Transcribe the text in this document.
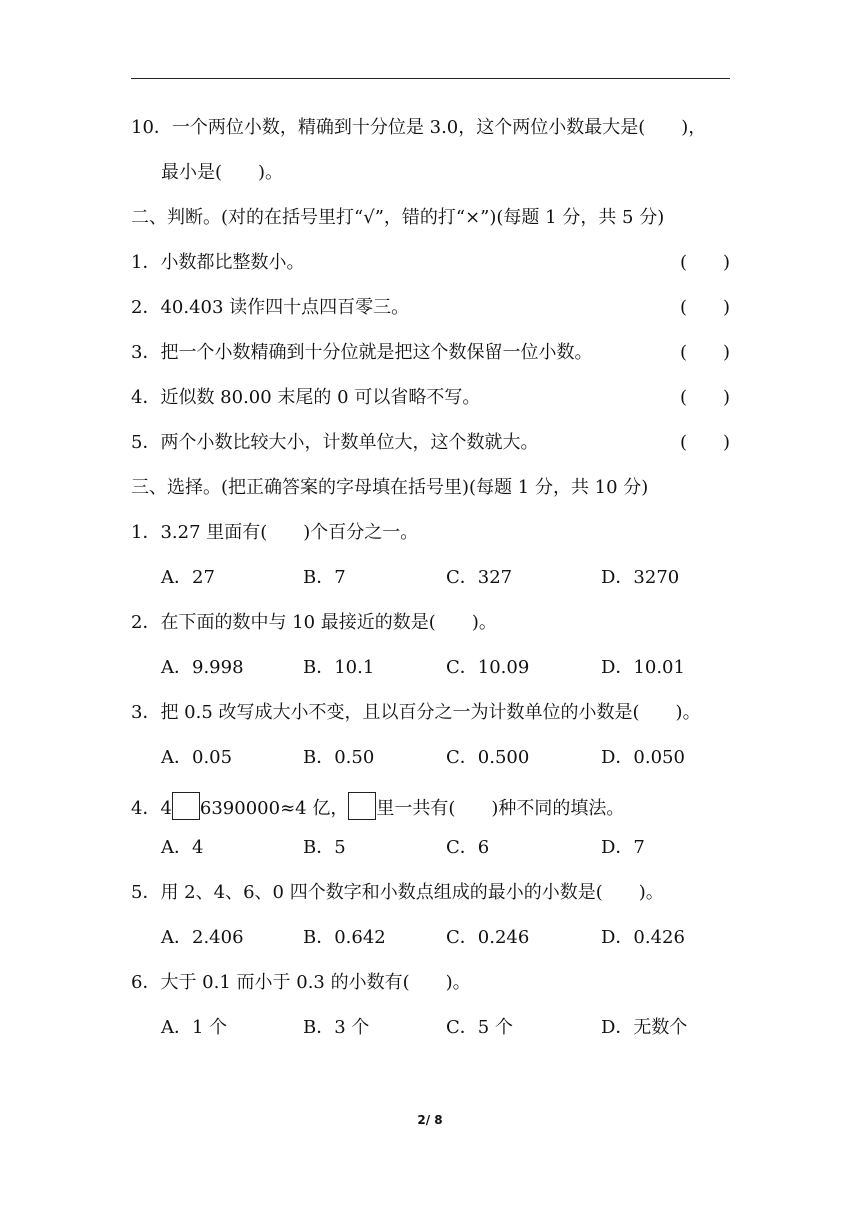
10．一个两位小数，精确到十分位是 3.0，这个两位小数最大是(　　)，
最小是(　　)。
二、判断。(对的在括号里打“√”，错的打“×”)(每题 1 分，共 5 分)
1．小数都比整数小。	(　　)
2．40.403 读作四十点四百零三。	(　　)
3．把一个小数精确到十分位就是把这个数保留一位小数。	(　　)
4．近似数 80.00 末尾的 0 可以省略不写。	(　　)
5．两个小数比较大小，计数单位大，这个数就大。	(　　)
三、选择。(把正确答案的字母填在括号里)(每题 1 分，共 10 分)
1．3.27 里面有(　　)个百分之一。
A．27	B．7	C．327	D．3270
2．在下面的数中与 10 最接近的数是(　　)。
A．9.998	B．10.1	C．10.09	D．10.01
3．把 0.5 改写成大小不变，且以百分之一为计数单位的小数是(　　)。
A．0.05	B．0.50	C．0.500	D．0.050
4．4 6390000≈4 亿， 里一共有(　　)种不同的填法。
A．4	B．5	C．6	D．7
5．用 2、4、6、0 四个数字和小数点组成的最小的小数是(　　)。
A．2.406	B．0.642	C．0.246	D．0.426
6．大于 0.1 而小于 0.3 的小数有(　　)。
A．1 个	B．3 个	C．5 个	D．无数个
2/ 8
